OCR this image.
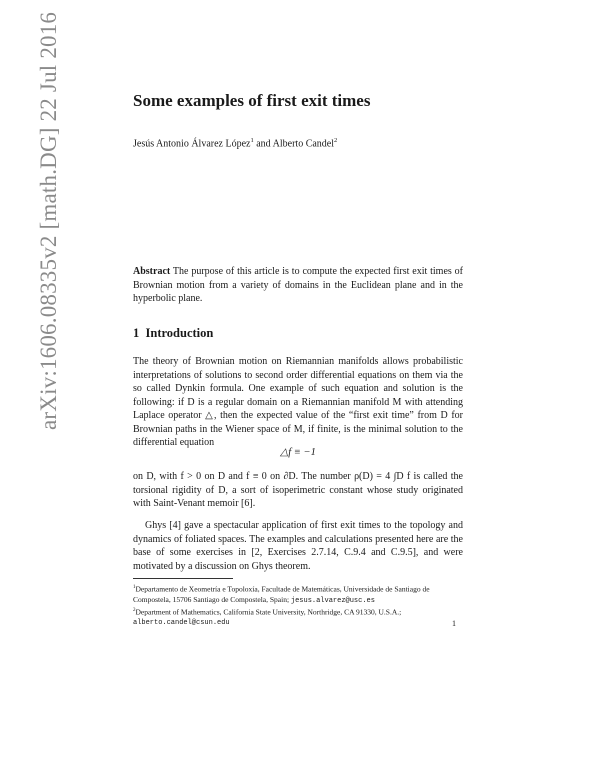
arXiv:1606.08335v2 [math.DG] 22 Jul 2016	Some examples of first exit times
Jesús Antonio Álvarez López$^1$ and Alberto Candel$^2$

Abstract The purpose of this article is to compute the expected first exit times of Brownian motion from a variety of domains in the Euclidean plane and in the hyperbolic plane.

1 Introduction

The theory of Brownian motion on Riemannian manifolds allows probabilistic interpretations of solutions to second order differential equations on them via the so called Dynkin formula. One example of such equation and solution is the following: if D is a regular domain on a Riemannian manifold M with attending Laplace operator △, then the expected value of the “first exit time” from D for Brownian paths in the Wiener space of M, if finite, is the minimal solution to the differential equation

△f ≡ −1

on D, with f > 0 on D and f ≡ 0 on ∂D. The number ρ(D) = 4 ∫D f is called the torsional rigidity of D, a sort of isoperimetric constant whose study originated with Saint-Venant memoir [6].

Ghys [4] gave a spectacular application of first exit times to the topology and dynamics of foliated spaces. The examples and calculations presented here are the base of some exercises in [2, Exercises 2.7.14, C.9.4 and C.9.5], and were motivated by a discussion on Ghys theorem.

$^1$Departamento de Xeometría e Topoloxía, Facultade de Matemáticas, Universidade de Santiago de Compostela, 15706 Santiago de Compostela, Spain; jesus.alvarez@usc.es
$^2$Department of Mathematics, California State University, Northridge, CA 91330, U.S.A.;
alberto.candel@csun.edu	1
